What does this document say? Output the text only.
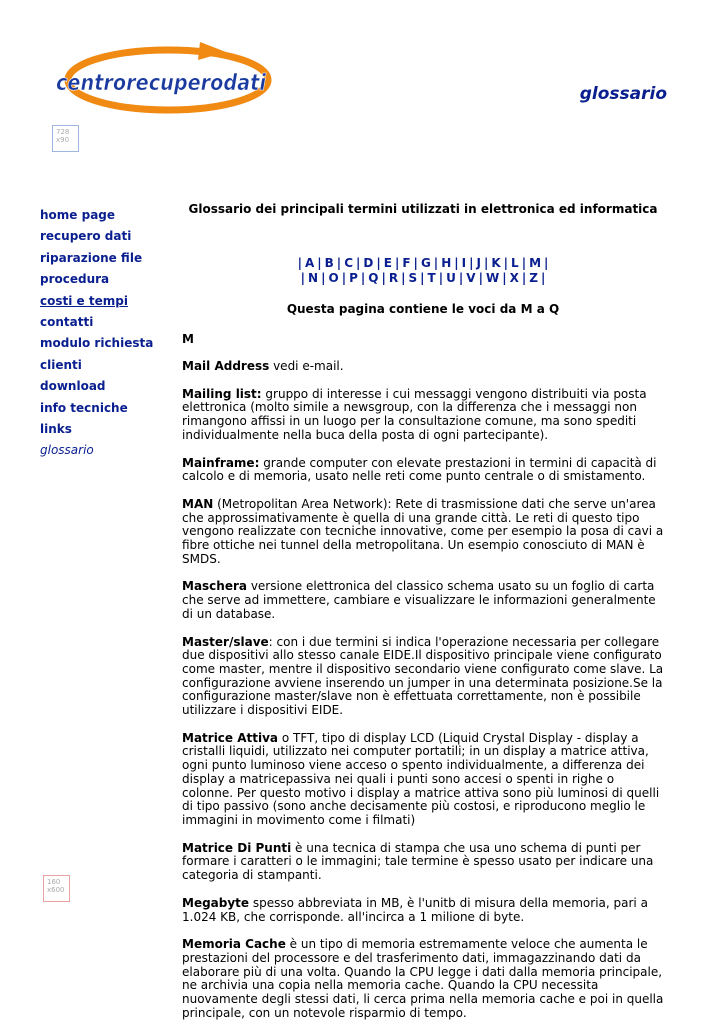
centrorecuperodati	glossario
728 x90
160 x600
home page
recupero dati
riparazione file
procedura
costi e tempi
contatti
modulo richiesta
clienti
download
info tecniche
links
glossario
Glossario dei principali termini utilizzati in elettronica ed informatica
| A | B | C | D | E | F | G | H | I | J | K | L | M |
| N | O | P | Q | R | S | T | U | V | W | X | Z |
Questa pagina contiene le voci da M a Q
M
Mail Address vedi e-mail.
Mailing list: gruppo di interesse i cui messaggi vengono distribuiti via posta elettronica (molto simile a newsgroup, con la differenza che i messaggi non rimangono affissi in un luogo per la consultazione comune, ma sono spediti individualmente nella buca della posta di ogni partecipante).
Mainframe: grande computer con elevate prestazioni in termini di capacità di calcolo e di memoria, usato nelle reti come punto centrale o di smistamento.
MAN (Metropolitan Area Network): Rete di trasmissione dati che serve un'area che approssimativamente è quella di una grande città. Le reti di questo tipo vengono realizzate con tecniche innovative, come per esempio la posa di cavi a fibre ottiche nei tunnel della metropolitana. Un esempio conosciuto di MAN è SMDS.
Maschera versione elettronica del classico schema usato su un foglio di carta che serve ad immettere, cambiare e visualizzare le informazioni generalmente di un database.
Master/slave: con i due termini si indica l'operazione necessaria per collegare due dispositivi allo stesso canale EIDE.Il dispositivo principale viene configurato come master, mentre il dispositivo secondario viene configurato come slave. La configurazione avviene inserendo un jumper in una determinata posizione.Se la configurazione master/slave non è effettuata correttamente, non è possibile utilizzare i dispositivi EIDE.
Matrice Attiva o TFT, tipo di display LCD (Liquid Crystal Display - display a cristalli liquidi, utilizzato nei computer portatili; in un display a matrice attiva, ogni punto luminoso viene acceso o spento individualmente, a differenza dei display a matricepassiva nei quali i punti sono accesi o spenti in righe o colonne. Per questo motivo i display a matrice attiva sono più luminosi di quelli di tipo passivo (sono anche decisamente più costosi, e riproducono meglio le immagini in movimento come i filmati)
Matrice Di Punti è una tecnica di stampa che usa uno schema di punti per formare i caratteri o le immagini; tale termine è spesso usato per indicare una categoria di stampanti.
Megabyte spesso abbreviata in MB, è l'unitb di misura della memoria, pari a 1.024 KB, che corrisponde. all'incirca a 1 milione di byte.
Memoria Cache è un tipo di memoria estremamente veloce che aumenta le prestazioni del processore e del trasferimento dati, immagazzinando dati da elaborare più di una volta. Quando la CPU legge i dati dalla memoria principale, ne archivia una copia nella memoria cache. Quando la CPU necessita nuovamente degli stessi dati, li cerca prima nella memoria cache e poi in quella principale, con un notevole risparmio di tempo.
